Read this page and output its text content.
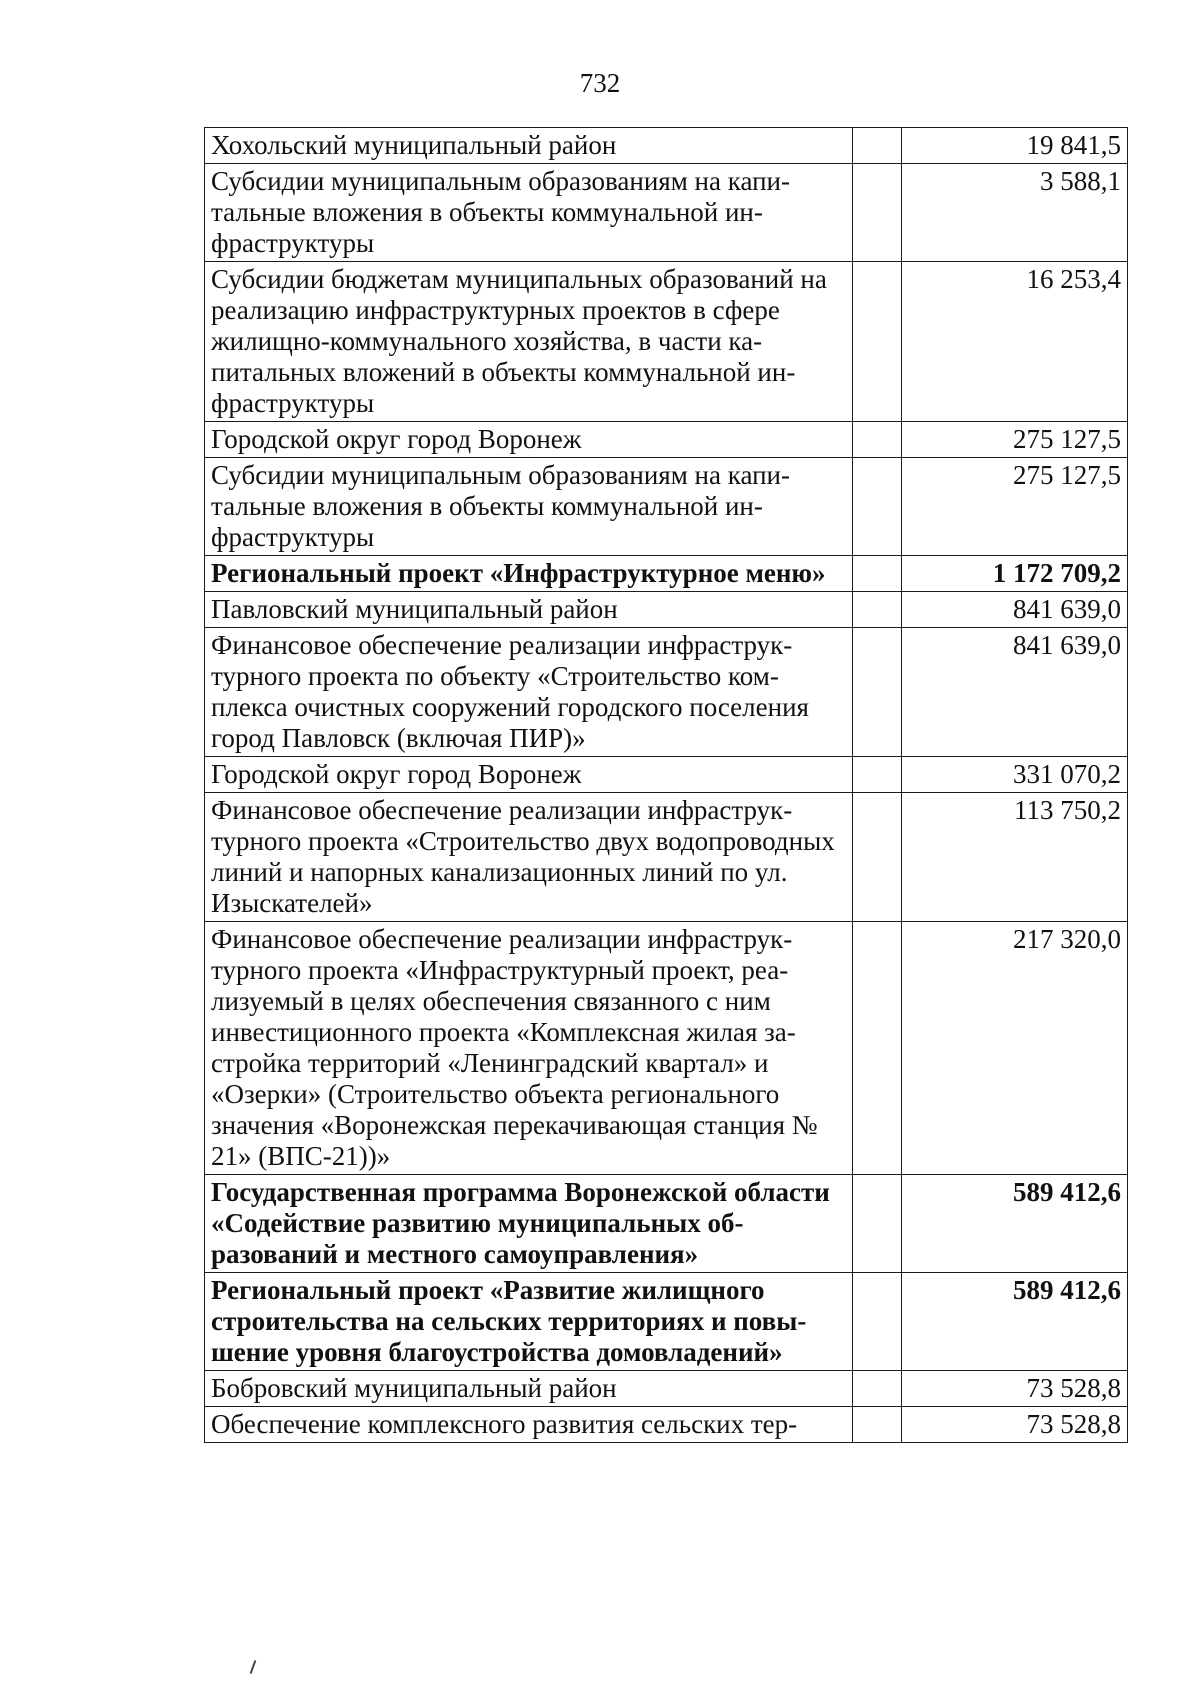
732
Хохольский муниципальный район		19 841,5
Субсидии муниципальным образованиям на капитальные вложения в объекты коммунальной инфраструктуры		3 588,1
Субсидии бюджетам муниципальных образований на реализацию инфраструктурных проектов в сфере жилищно-коммунального хозяйства, в части капитальных вложений в объекты коммунальной инфраструктуры		16 253,4
Городской округ город Воронеж		275 127,5
Субсидии муниципальным образованиям на капитальные вложения в объекты коммунальной инфраструктуры		275 127,5
Региональный проект «Инфраструктурное меню»		1 172 709,2
Павловский муниципальный район		841 639,0
Финансовое обеспечение реализации инфраструктурного проекта по объекту «Строительство комплекса очистных сооружений городского поселения город Павловск (включая ПИР)»		841 639,0
Городской округ город Воронеж		331 070,2
Финансовое обеспечение реализации инфраструктурного проекта «Строительство двух водопроводных линий и напорных канализационных линий по ул. Изыскателей»		113 750,2
Финансовое обеспечение реализации инфраструктурного проекта «Инфраструктурный проект, реализуемый в целях обеспечения связанного с ним инвестиционного проекта «Комплексная жилая застройка территорий «Ленинградский квартал» и «Озерки» (Строительство объекта регионального значения «Воронежская перекачивающая станция № 21» (ВПС-21))»		217 320,0
Государственная программа Воронежской области «Содействие развитию муниципальных образований и местного самоуправления»		589 412,6
Региональный проект «Развитие жилищного строительства на сельских территориях и повышение уровня благоустройства домовладений»		589 412,6
Бобровский муниципальный район		73 528,8
Обеспечение комплексного развития сельских тер-		73 528,8
